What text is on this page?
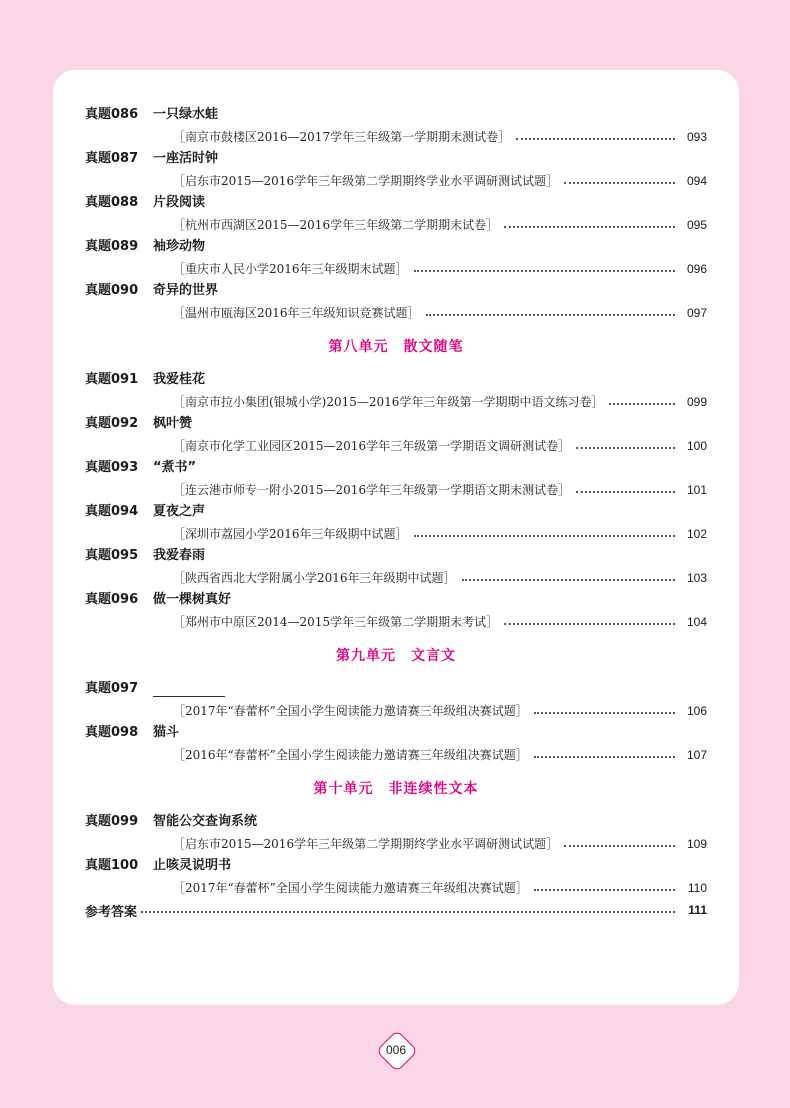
真题086 一只绿水蛙
［南京市鼓楼区2016—2017学年三年级第一学期期末测试卷］	093
真题087 一座活时钟
［启东市2015—2016学年三年级第二学期期终学业水平调研测试试题］	094
真题088 片段阅读
［杭州市西湖区2015—2016学年三年级第二学期期末试卷］	095
真题089 袖珍动物
［重庆市人民小学2016年三年级期末试题］	096
真题090 奇异的世界
［温州市瓯海区2016年三年级知识竞赛试题］	097
第八单元　散文随笔
真题091 我爱桂花
［南京市拉小集团(银城小学)2015—2016学年三年级第一学期期中语文练习卷］	099
真题092 枫叶赞
［南京市化学工业园区2015—2016学年三年级第一学期语文调研测试卷］	100
真题093 “煮书”
［连云港市师专一附小2015—2016学年三年级第一学期语文期末测试卷］	101
真题094 夏夜之声
［深圳市荔园小学2016年三年级期中试题］	102
真题095 我爱春雨
［陕西省西北大学附属小学2016年三年级期中试题］	103
真题096 做一棵树真好
［郑州市中原区2014—2015学年三年级第二学期期末考试］	104
第九单元　文言文
真题097
［2017年“春蕾杯”全国小学生阅读能力邀请赛三年级组决赛试题］	106
真题098 猫斗
［2016年“春蕾杯”全国小学生阅读能力邀请赛三年级组决赛试题］	107
第十单元　非连续性文本
真题099 智能公交查询系统
［启东市2015—2016学年三年级第二学期期终学业水平调研测试试题］	109
真题100 止咳灵说明书
［2017年“春蕾杯”全国小学生阅读能力邀请赛三年级组决赛试题］	110
参考答案	111
006
